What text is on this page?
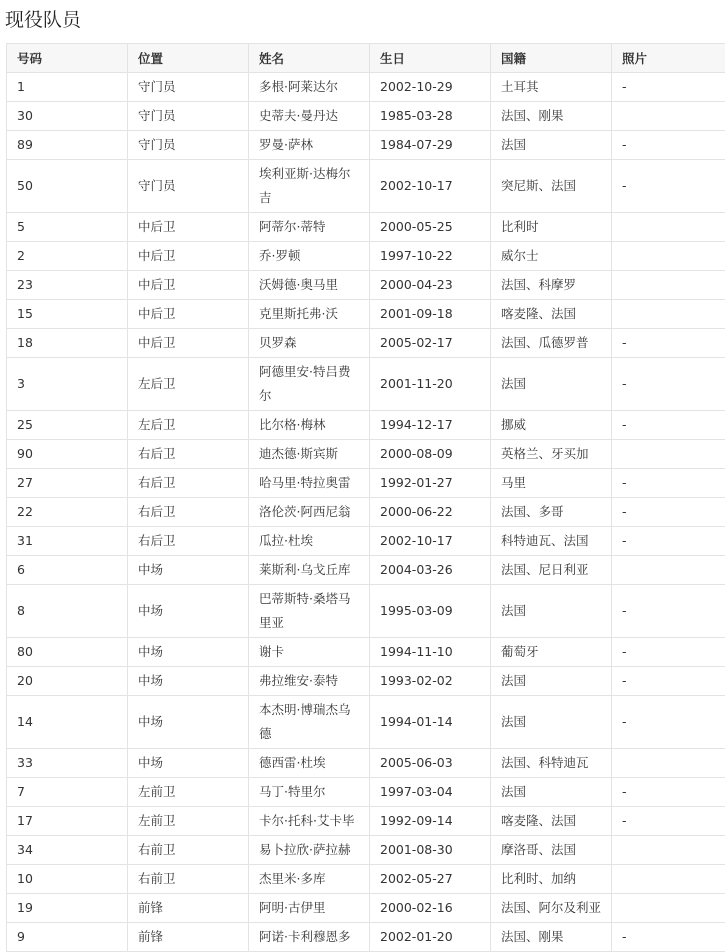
现役队员
号码	位置	姓名	生日	国籍	照片
1	守门员	多根·阿莱达尔	2002-10-29	土耳其	-
30	守门员	史蒂夫·曼丹达	1985-03-28	法国、刚果	
89	守门员	罗曼·萨林	1984-07-29	法国	-
50	守门员	埃利亚斯·达梅尔吉	2002-10-17	突尼斯、法国	-
5	中后卫	阿蒂尔·蒂特	2000-05-25	比利时	
2	中后卫	乔·罗顿	1997-10-22	威尔士	
23	中后卫	沃姆德·奥马里	2000-04-23	法国、科摩罗	
15	中后卫	克里斯托弗·沃	2001-09-18	喀麦隆、法国	
18	中后卫	贝罗森	2005-02-17	法国、瓜德罗普	-
3	左后卫	阿德里安·特吕费尔	2001-11-20	法国	-
25	左后卫	比尔格·梅林	1994-12-17	挪威	-
90	右后卫	迪杰德·斯宾斯	2000-08-09	英格兰、牙买加	
27	右后卫	哈马里·特拉奥雷	1992-01-27	马里	-
22	右后卫	洛伦茨·阿西尼翁	2000-06-22	法国、多哥	-
31	右后卫	瓜拉·杜埃	2002-10-17	科特迪瓦、法国	-
6	中场	莱斯利·乌戈丘库	2004-03-26	法国、尼日利亚	
8	中场	巴蒂斯特·桑塔马里亚	1995-03-09	法国	-
80	中场	谢卡	1994-11-10	葡萄牙	-
20	中场	弗拉维安·泰特	1993-02-02	法国	-
14	中场	本杰明·博瑞杰乌德	1994-01-14	法国	-
33	中场	德西雷·杜埃	2005-06-03	法国、科特迪瓦	
7	左前卫	马丁·特里尔	1997-03-04	法国	-
17	左前卫	卡尔·托科·艾卡毕	1992-09-14	喀麦隆、法国	-
34	右前卫	易卜拉欣·萨拉赫	2001-08-30	摩洛哥、法国	
10	右前卫	杰里米·多库	2002-05-27	比利时、加纳	
19	前锋	阿明·古伊里	2000-02-16	法国、阿尔及利亚	
9	前锋	阿诺·卡利穆恩多	2002-01-20	法国、刚果	-
